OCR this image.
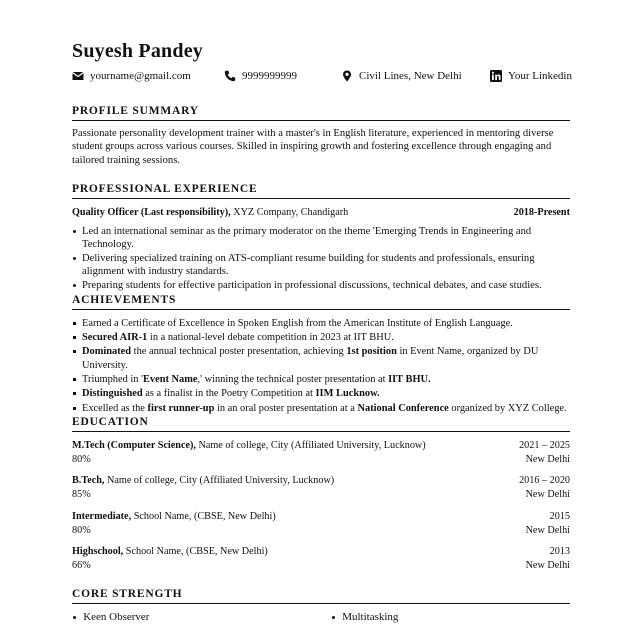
Suyesh Pandey
yourname@gmail.com	9999999999	Civil Lines, New Delhi	Your Linkedin
PROFILE SUMMARY
Passionate personality development trainer with a master's in English literature, experienced in mentoring diverse student groups across various courses. Skilled in inspiring growth and fostering excellence through engaging and tailored training sessions.
PROFESSIONAL EXPERIENCE
Quality Officer (Last responsibility), XYZ Company, Chandigarh	2018-Present
Led an international seminar as the primary moderator on the theme 'Emerging Trends in Engineering and Technology.
Delivering specialized training on ATS-compliant resume building for students and professionals, ensuring alignment with industry standards.
Preparing students for effective participation in professional discussions, technical debates, and case studies.
ACHIEVEMENTS
Earned a Certificate of Excellence in Spoken English from the American Institute of English Language.
Secured AIR-1 in a national-level debate competition in 2023 at IIT BHU.
Dominated the annual technical poster presentation, achieving 1st position in Event Name, organized by DU University.
Triumphed in 'Event Name,' winning the technical poster presentation at IIT BHU.
Distinguished as a finalist in the Poetry Competition at IIM Lucknow.
Excelled as the first runner-up in an oral poster presentation at a National Conference organized by XYZ College.
EDUCATION
M.Tech (Computer Science), Name of college, City (Affiliated University, Lucknow)	2021 – 2025
80%	New Delhi
B.Tech, Name of college, City (Affiliated University, Lucknow)	2016 – 2020
85%	New Delhi
Intermediate, School Name, (CBSE, New Delhi)	2015
80%	New Delhi
Highschool, School Name, (CBSE, New Delhi)	2013
66%	New Delhi
CORE STRENGTH
Keen Observer	Multitasking
